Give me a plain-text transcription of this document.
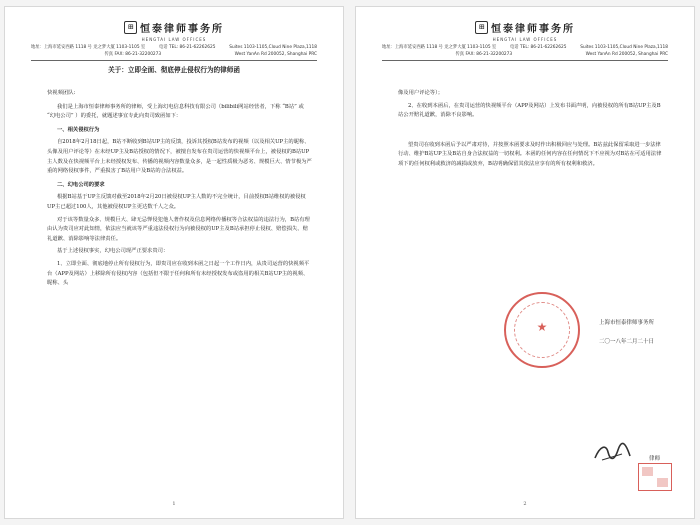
⊞ 恒泰律师事务所
HENGTAI LAW OFFICES
地址：上海市延安西路 1118 号 龙之梦大厦 1103-1105 室	电话 TEL: 86-21-62262625	Suites 1103-1105,Cloud Nine Plaza,1118
传真 FAX: 86-21-32200273	West YanAn Rd 200052, Shanghai PRC
关于：立即全面、彻底停止侵权行为的律师函

快视频团队:

我们是上海市恒泰律师事务所的律师，受上海幻电信息科技有限公司（bilibili网站经营者，下称 “B站” 或 “幻电公司” ）的委托，就题述事宜专此向贵司致函如下：

一、相关侵权行为

自2018年2月18日起，B站不断收到B站UP主的反馈，投诉其授权B站发布的视频（以及相关UP主的昵称、头像及用户评论等）在未经UP主及B站授权的情况下，被擅自发布在贵司运营的快视频平台上，被侵权的B站UP主人数及在快视频平台上未经授权发布、传播的视频内容数量众多，是一起性质极为恶劣、规模巨大、情节极为严重的网络侵权事件，严重损害了B站用户及B站的合法权益。

二、幻电公司的要求

根据B站基于UP主反馈对截至2018年2月20日被侵权UP主人数的不完全统计，目前授权B站维权的被侵权UP主已超过100人，其他被侵权UP主更达数千人之众。

对于该等数量众多、规模巨大、肆无忌惮侵犯他人著作权及信息网络传播权等合法权益的违法行为，B站有理由认为贵司应对此知情，依法应当就该等严重违法侵权行为向被侵权的UP主及B站承担停止侵权、赔偿损失、赔礼道歉、消除影响等法律责任。

基于上述侵权事实，幻电公司现严正要求贵司：

1、立即全面、彻底地停止所有侵权行为，即贵司应在收到本函之日起一个工作日内，从贵司运营的快视频平台（APP及网站）上移除所有侵权内容（包括但不限于任何和所有未经授权发布或盗用的相关B站UP主的视频、昵称、头

1
⊞ 恒泰律师事务所
HENGTAI LAW OFFICES
地址：上海市延安西路 1118 号 龙之梦大厦 1103-1105 室	电话 TEL: 86-21-62262625	Suites 1103-1105,Cloud Nine Plaza,1118
传真 FAX: 86-21-32200273	West YanAn Rd 200052, Shanghai PRC

像及用户评论等）；

2、在收到本函后，在贵司运营的快视频平台（APP及网站）上发布书面声明，向被侵权的所有B站UP主及B站公开赔礼道歉，消除不良影响。

望贵司在收到本函后予以严肃对待，并按照本函要求及时作出积极回应与处理。B站兹此保留采取进一步法律行动、维护B站UP主及B站自身合法权益的一切权利。本函的任何内容在任何情况下不应视为对B站在可适用法律项下的任何权利或救济的减损或放弃，B站明确保留其依法应享有的所有权利和救济。

★	上海市恒泰律师事务所
二〇一八年二月二十日
律师
2
